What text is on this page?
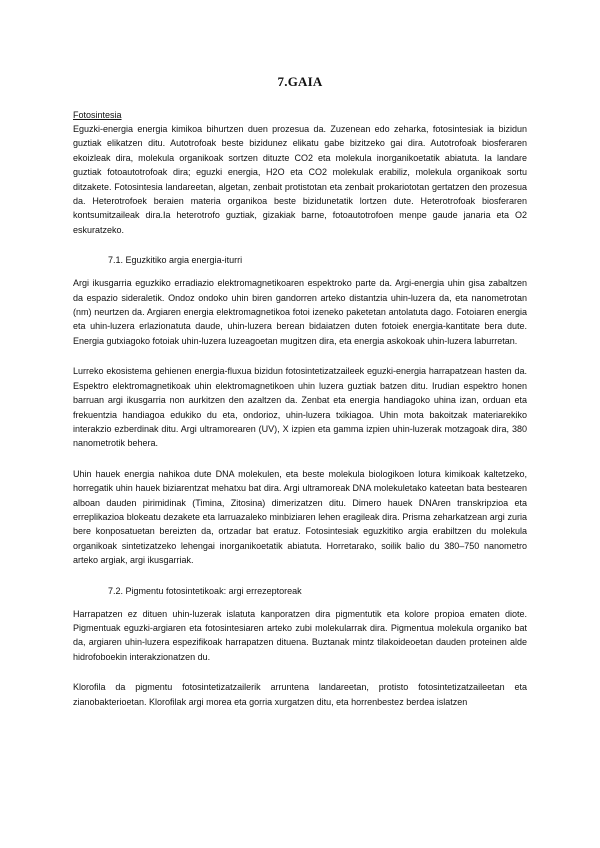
7.GAIA
Fotosintesia

Eguzki-energia energia kimikoa bihurtzen duen prozesua da. Zuzenean edo zeharka, fotosintesiak ia bizidun guztiak elikatzen ditu. Autotrofoak beste bizidunez elikatu gabe bizitzeko gai dira. Autotrofoak biosferaren ekoizleak dira, molekula organikoak sortzen dituzte CO2 eta molekula inorganikoetatik abiatuta. Ia landare guztiak fotoautotrofoak dira; eguzki energia, H2O eta CO2 molekulak erabiliz, molekula organikoak sortu ditzakete. Fotosintesia landareetan, algetan, zenbait protistotan eta zenbait prokariototan gertatzen den prozesua da. Heterotrofoek beraien materia organikoa beste bizidunetatik lortzen dute. Heterotrofoak biosferaren kontsumitzaileak dira.Ia heterotrofo guztiak, gizakiak barne, fotoautotrofoen menpe gaude janaria eta O2 eskuratzeko.

7.1. Eguzkitiko argia energia-iturri

Argi ikusgarria eguzkiko erradiazio elektromagnetikoaren espektroko parte da. Argi-energia uhin gisa zabaltzen da espazio sideraletik. Ondoz ondoko uhin biren gandorren arteko distantzia uhin-luzera da, eta nanometrotan (nm) neurtzen da. Argiaren energia elektromagnetikoa fotoi izeneko paketetan antolatuta dago. Fotoiaren energia eta uhin-luzera erlazionatuta daude, uhin-luzera berean bidaiatzen duten fotoiek energia-kantitate bera dute. Energia gutxiagoko fotoiak uhin-luzera luzeagoetan mugitzen dira, eta energia askokoak uhin-luzera laburretan.

Lurreko ekosistema gehienen energia-fluxua bizidun fotosintetizatzaileek eguzki-energia harrapatzean hasten da. Espektro elektromagnetikoak uhin elektromagnetikoen uhin luzera guztiak batzen ditu. Irudian espektro honen barruan argi ikusgarria non aurkitzen den azaltzen da. Zenbat eta energia handiagoko uhina izan, orduan eta frekuentzia handiagoa edukiko du eta, ondorioz, uhin-luzera txikiagoa. Uhin mota bakoitzak materiarekiko interakzio ezberdinak ditu. Argi ultramorearen (UV), X izpien eta gamma izpien uhin-luzerak motzagoak dira, 380 nanometrotik behera.

Uhin hauek energia nahikoa dute DNA molekulen, eta beste molekula biologikoen lotura kimikoak kaltetzeko, horregatik uhin hauek biziarentzat mehatxu bat dira. Argi ultramoreak DNA molekuletako kateetan bata bestearen alboan dauden pirimidinak (Timina, Zitosina) dimerizatzen ditu. Dimero hauek DNAren transkripzioa eta erreplikazioa blokeatu dezakete eta larruazaleko minbiziaren lehen eragileak dira. Prisma zeharkatzean argi zuria bere konposatuetan bereizten da, ortzadar bat eratuz. Fotosintesiak eguzkitiko argia erabiltzen du molekula organikoak sintetizatzeko lehengai inorganikoetatik abiatuta. Horretarako, soilik balio du 380–750 nanometro arteko argiak, argi ikusgarriak.

7.2. Pigmentu fotosintetikoak: argi errezeptoreak

Harrapatzen ez dituen uhin-luzerak islatuta kanporatzen dira pigmentutik eta kolore propioa ematen diote. Pigmentuak eguzki-argiaren eta fotosintesiaren arteko zubi molekularrak dira. Pigmentua molekula organiko bat da, argiaren uhin-luzera espezifikoak harrapatzen dituena. Buztanak mintz tilakoideoetan dauden proteinen alde hidrofoboekin interakzionatzen du.

Klorofila da pigmentu fotosintetizatzailerik arruntena landareetan, protisto fotosintetizatzaileetan eta zianobakterioetan. Klorofilak argi morea eta gorria xurgatzen ditu, eta horrenbestez berdea islatzen
